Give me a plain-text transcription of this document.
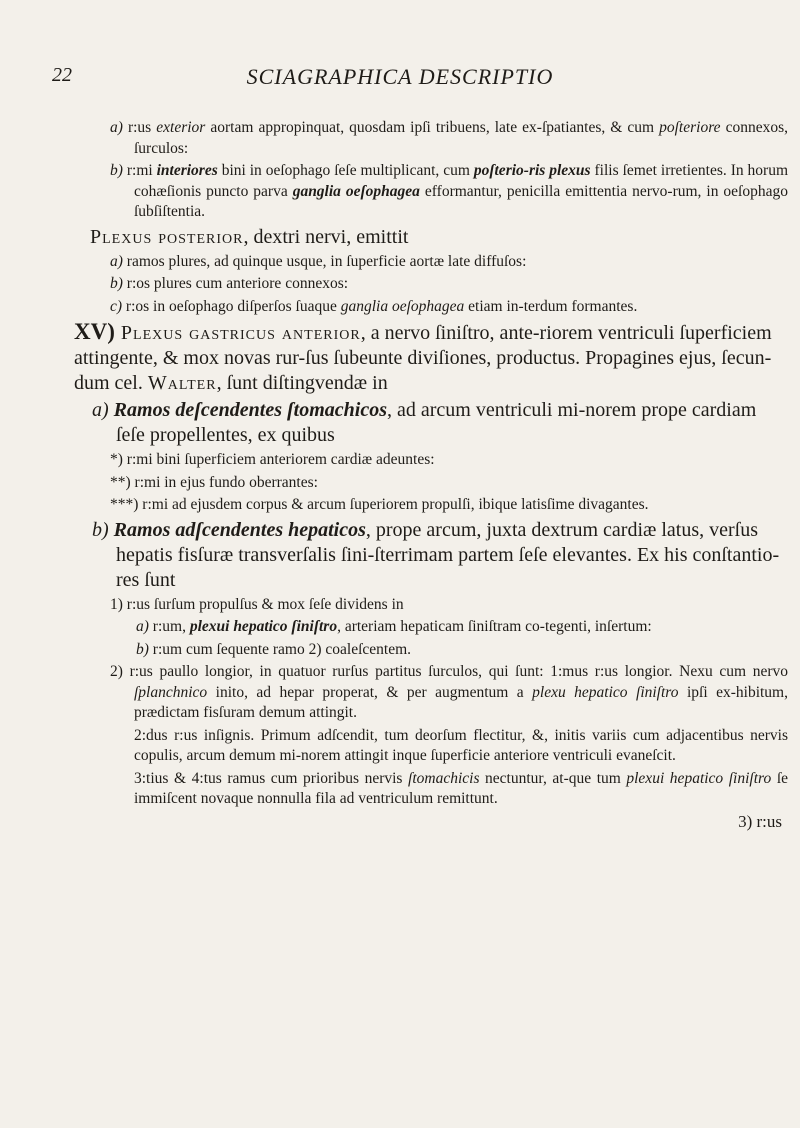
22	SCIAGRAPHICA DESCRIPTIO
a) r:us exterior aortam appropinquat, quosdam ipſi tribuens, late ex-ſpatiantes, & cum poſteriore connexos, ſurculos:
b) r:mi interiores bini in oeſophago ſeſe multiplicant, cum poſterio-ris plexus filis ſemet irretientes. In horum cohæſionis puncto parva ganglia oeſophagea efformantur, penicilla emittentia nervo-rum, in oeſophago ſubſiſtentia.
Plexus posterior, dextri nervi, emittit
a) ramos plures, ad quinque usque, in ſuperficie aortæ late diffuſos:
b) r:os plures cum anteriore connexos:
c) r:os in oeſophago diſperſos ſuaque ganglia oeſophagea etiam in-terdum formantes.
XV) Plexus gastricus anterior, a nervo ſiniſtro, ante-riorem ventriculi ſuperficiem attingente, & mox novas rur-ſus ſubeunte diviſiones, productus. Propagines ejus, ſecun-dum cel. Walter, ſunt diſtingvendæ in
a) Ramos deſcendentes ſtomachicos, ad arcum ventriculi mi-norem prope cardiam ſeſe propellentes, ex quibus
*) r:mi bini ſuperficiem anteriorem cardiæ adeuntes:
**) r:mi in ejus fundo oberrantes:
***) r:mi ad ejusdem corpus & arcum ſuperiorem propulſi, ibique latisſime divagantes.
b) Ramos adſcendentes hepaticos, prope arcum, juxta dextrum cardiæ latus, verſus hepatis fisſuræ transverſalis ſini-ſterrimam partem ſeſe elevantes. Ex his conſtantio-res ſunt
1) r:us ſurſum propulſus & mox ſeſe dividens in
a) r:um, plexui hepatico ſiniſtro, arteriam hepaticam ſiniſtram co-tegenti, inſertum:
b) r:um cum ſequente ramo 2) coaleſcentem.
2) r:us paullo longior, in quatuor rurſus partitus ſurculos, qui ſunt: 1:mus r:us longior. Nexu cum nervo ſplanchnico inito, ad hepar properat, & per augmentum a plexu hepatico ſiniſtro ipſi ex-hibitum, prædictam fisſuram demum attingit.
2:dus r:us inſignis. Primum adſcendit, tum deorſum flectitur, &, initis variis cum adjacentibus nervis copulis, arcum demum mi-norem attingit inque ſuperficie anteriore ventriculi evaneſcit.
3:tius & 4:tus ramus cum prioribus nervis ſtomachicis nectuntur, at-que tum plexui hepatico ſiniſtro ſe immiſcent novaque nonnulla fila ad ventriculum remittunt.
3) r:us
